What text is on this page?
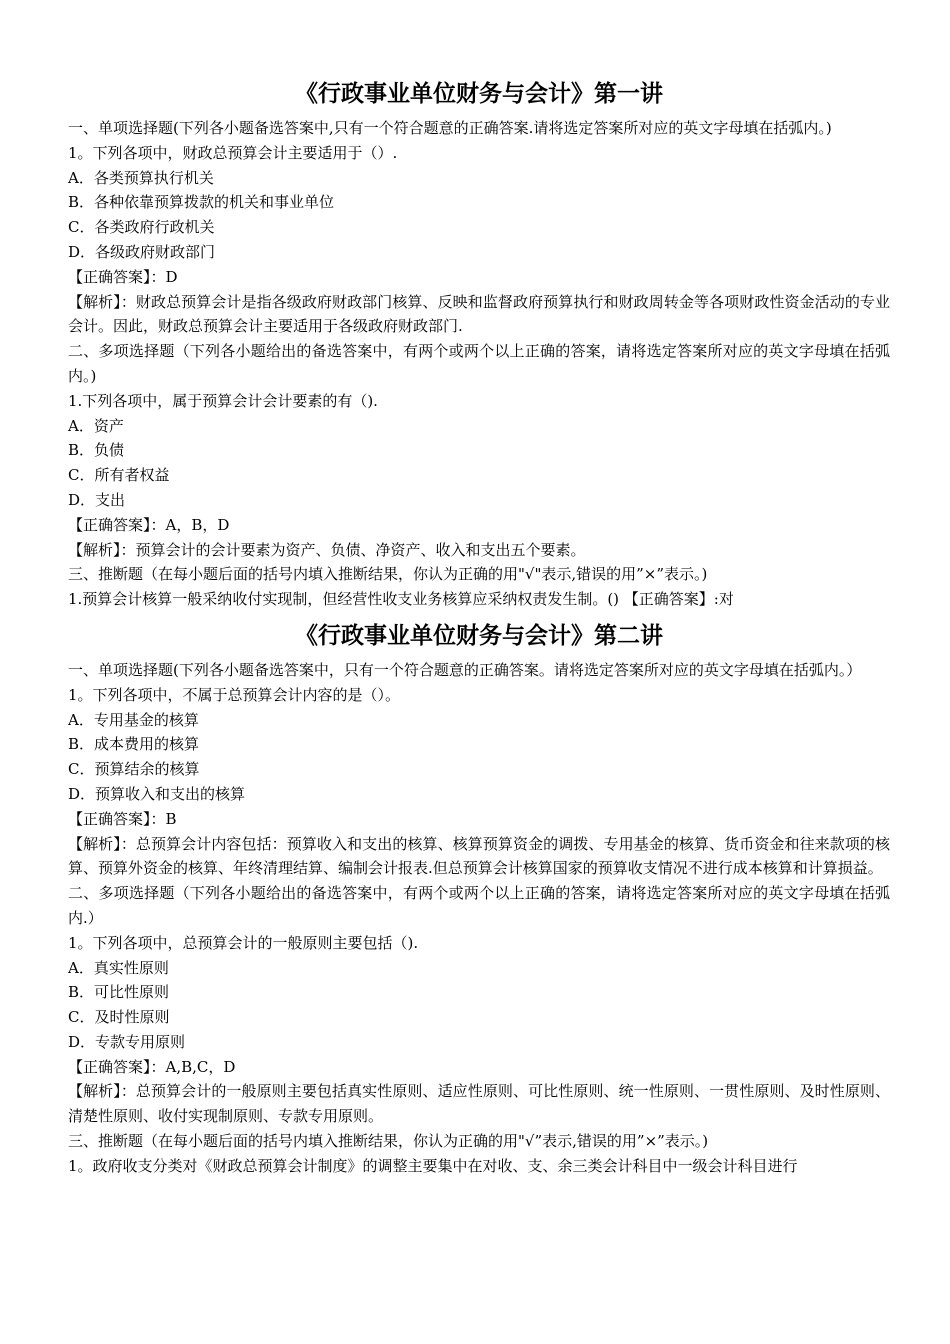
《行政事业单位财务与会计》第一讲
一、单项选择题(下列各小题备选答案中,只有一个符合题意的正确答案.请将选定答案所对应的英文字母填在括弧内。)
1。下列各项中，财政总预算会计主要适用于（）.
A．各类预算执行机关
B．各种依靠预算拨款的机关和事业单位
C．各类政府行政机关
D．各级政府财政部门
【正确答案】：D
【解析】：财政总预算会计是指各级政府财政部门核算、反映和监督政府预算执行和财政周转金等各项财政性资金活动的专业会计。因此，财政总预算会计主要适用于各级政府财政部门.
二、多项选择题（下列各小题给出的备选答案中，有两个或两个以上正确的答案，请将选定答案所对应的英文字母填在括弧内。)
1.下列各项中，属于预算会计会计要素的有（).
A．资产
B．负债
C．所有者权益
D．支出
【正确答案】：A，B，D
【解析】：预算会计的会计要素为资产、负债、净资产、收入和支出五个要素。
三、推断题（在每小题后面的括号内填入推断结果，你认为正确的用"√"表示,错误的用”×”表示。)
1.预算会计核算一般采纳收付实现制，但经营性收支业务核算应采纳权责发生制。() 【正确答案】:对
《行政事业单位财务与会计》第二讲
一、单项选择题(下列各小题备选答案中，只有一个符合题意的正确答案。请将选定答案所对应的英文字母填在括弧内。）
1。下列各项中，不属于总预算会计内容的是（）。
A．专用基金的核算
B．成本费用的核算
C．预算结余的核算
D．预算收入和支出的核算
【正确答案】：B
【解析】：总预算会计内容包括：预算收入和支出的核算、核算预算资金的调拨、专用基金的核算、货币资金和往来款项的核算、预算外资金的核算、年终清理结算、编制会计报表.但总预算会计核算国家的预算收支情况不进行成本核算和计算损益。
二、多项选择题（下列各小题给出的备选答案中，有两个或两个以上正确的答案，请将选定答案所对应的英文字母填在括弧内.）
1。下列各项中，总预算会计的一般原则主要包括（).
A．真实性原则
B．可比性原则
C．及时性原则
D．专款专用原则
【正确答案】：A,B,C，D
【解析】：总预算会计的一般原则主要包括真实性原则、适应性原则、可比性原则、统一性原则、一贯性原则、及时性原则、清楚性原则、收付实现制原则、专款专用原则。
三、推断题（在每小题后面的括号内填入推断结果，你认为正确的用"√”表示,错误的用”×”表示。)
1。政府收支分类对《财政总预算会计制度》的调整主要集中在对收、支、余三类会计科目中一级会计科目进行
